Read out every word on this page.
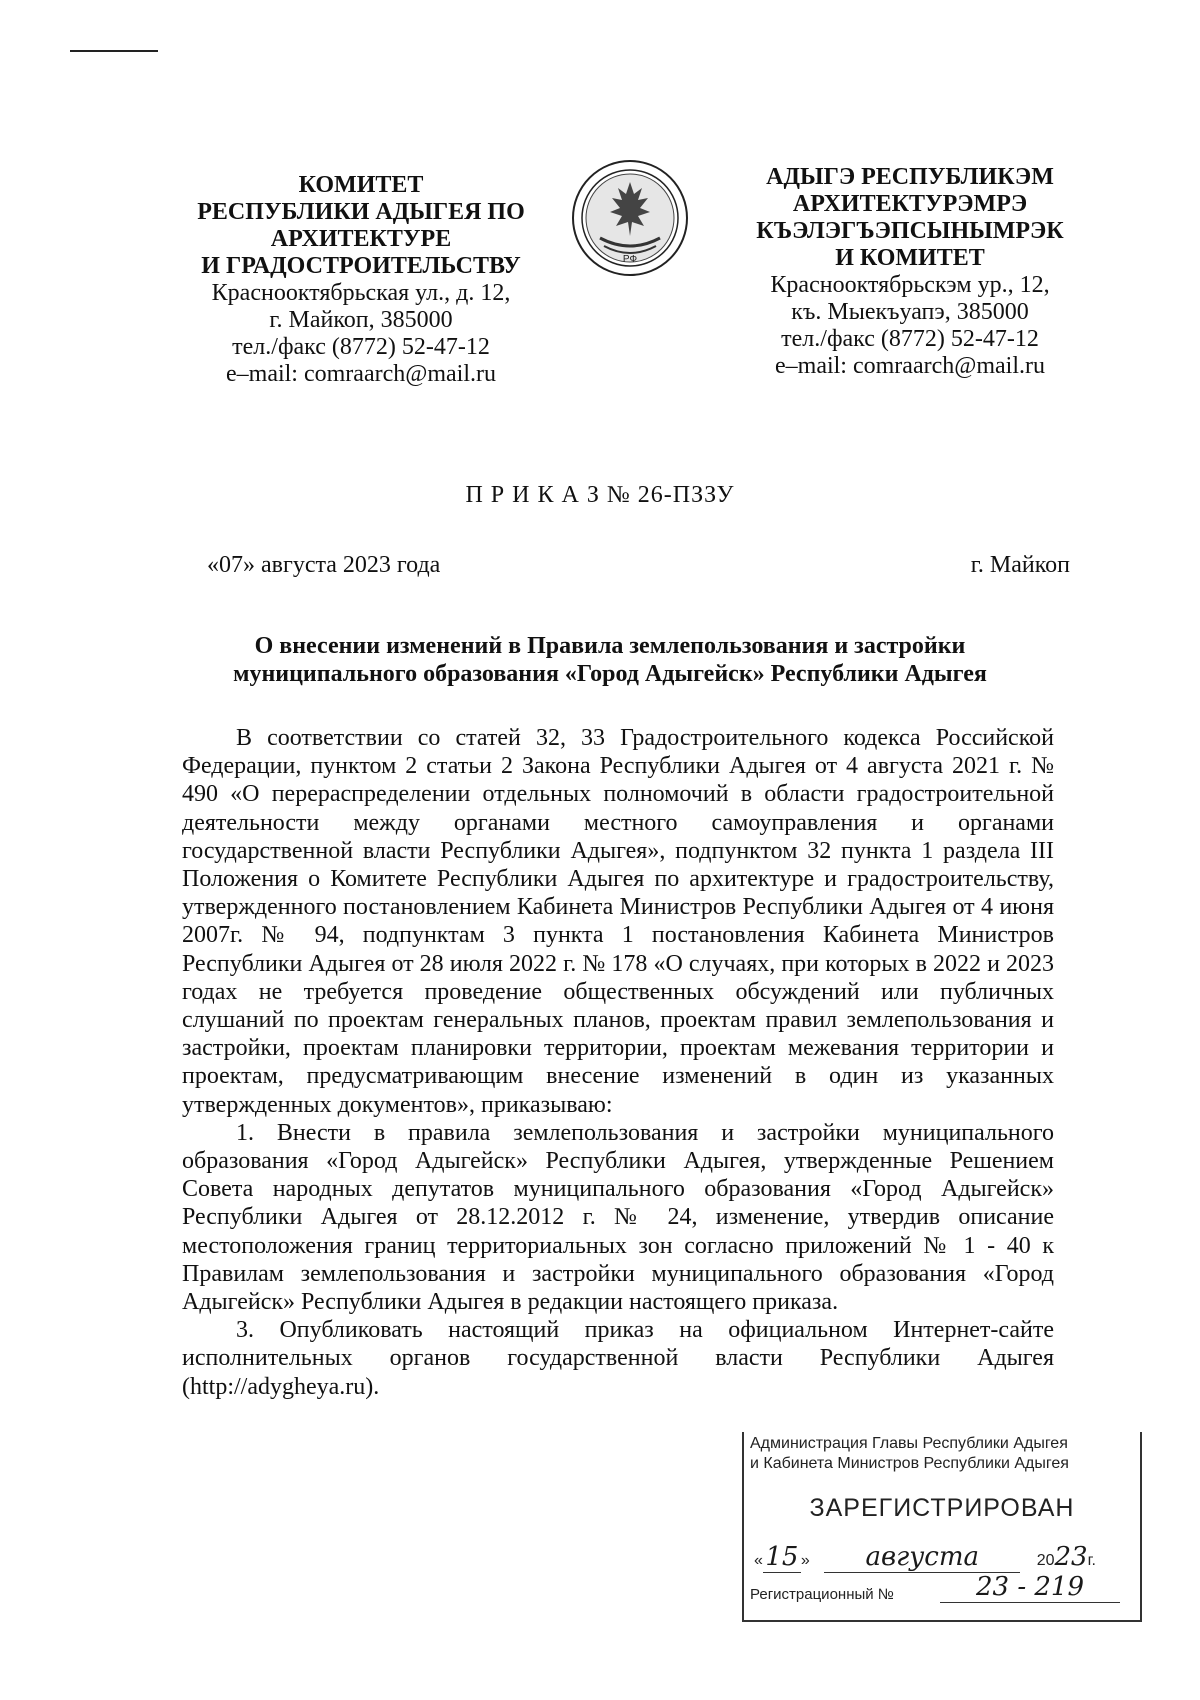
КОМИТЕТ
РЕСПУБЛИКИ АДЫГЕЯ ПО
АРХИТЕКТУРЕ
И ГРАДОСТРОИТЕЛЬСТВУ
Краснооктябрьская ул., д. 12,
г. Майкоп, 385000
тел./факс (8772) 52-47-12
e–mail: comraarch@mail.ru
РФ
АДЫГЭ РЕСПУБЛИКЭМ
АРХИТЕКТУРЭМРЭ
КЪЭЛЭГЪЭПСЫНЫМРЭК
И КОМИТЕТ
Краснооктябрьскэм ур., 12,
къ. Мыекъуапэ, 385000
тел./факс (8772) 52-47-12
e–mail: comraarch@mail.ru
П Р И К А З № 26-ПЗЗУ
«07» августа 2023 года	г. Майкоп
О внесении изменений в Правила землепользования и застройки
муниципального образования «Город Адыгейск» Республики Адыгея

В соответствии со статей 32, 33 Градостроительного кодекса Российской Федерации, пунктом 2 статьи 2 Закона Республики Адыгея от 4 августа 2021 г. № 490 «О перераспределении отдельных полномочий в области градостроительной деятельности между органами местного самоуправления и органами государственной власти Республики Адыгея», подпунктом 32 пункта 1 раздела III Положения о Комитете Республики Адыгея по архитектуре и градостроительству, утвержденного постановлением Кабинета Министров Республики Адыгея от 4 июня 2007г. № 94, подпунктам 3 пункта 1 постановления Кабинета Министров Республики Адыгея от 28 июля 2022 г. № 178 «О случаях, при которых в 2022 и 2023 годах не требуется проведение общественных обсуждений или публичных слушаний по проектам генеральных планов, проектам правил землепользования и застройки, проектам планировки территории, проектам межевания территории и проектам, предусматривающим внесение изменений в один из указанных утвержденных документов», приказываю:

1. Внести в правила землепользования и застройки муниципального образования «Город Адыгейск» Республики Адыгея, утвержденные Решением Совета народных депутатов муниципального образования «Город Адыгейск» Республики Адыгея от 28.12.2012 г. № 24, изменение, утвердив описание местоположения границ территориальных зон согласно приложений № 1 - 40 к Правилам землепользования и застройки муниципального образования «Город Адыгейск» Республики Адыгея в редакции настоящего приказа.

3. Опубликовать настоящий приказ на официальном Интернет-сайте исполнительных органов государственной власти Республики Адыгея (http://adygheya.ru).

Администрация Главы Республики Адыгея
и Кабинета Министров Республики Адыгея
ЗАРЕГИСТРИРОВАН
«15 » августа	2023г.
Регистрационный №	23 - 219
